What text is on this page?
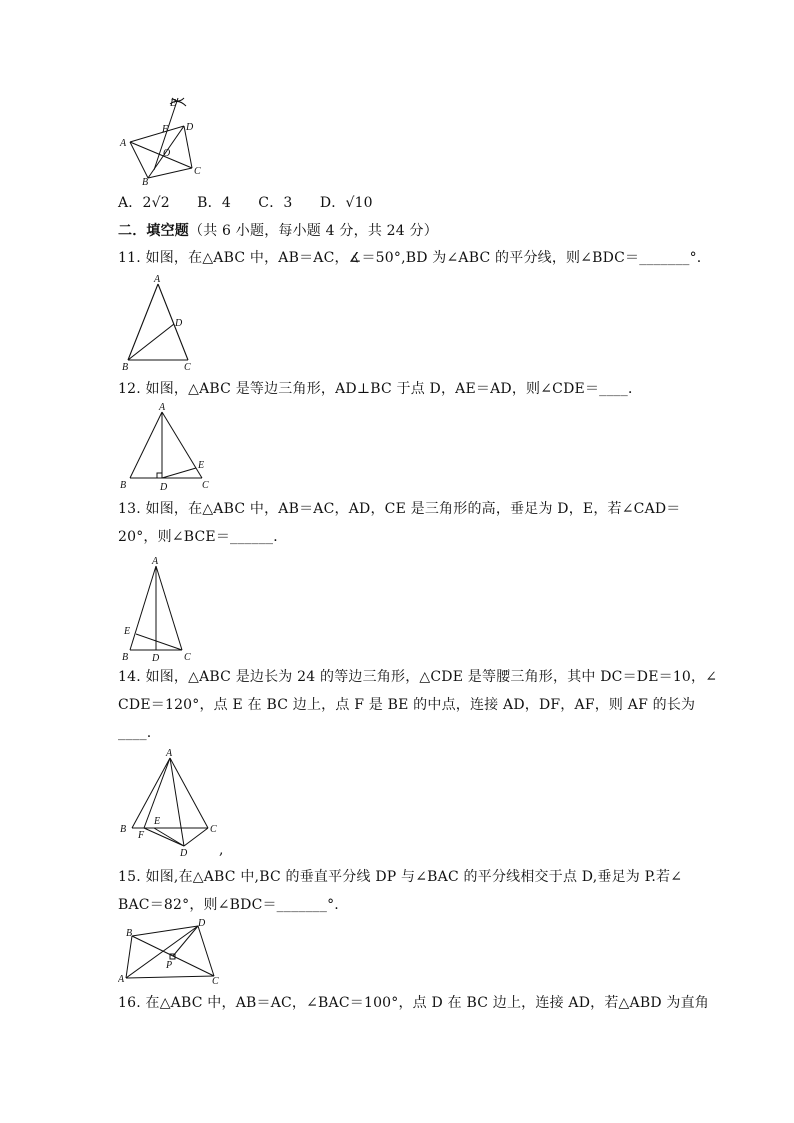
E
F D
A
O
C
B
A．2√2 B．4 C．3 D．√10
二．填空题（共 6 小题，每小题 4 分，共 24 分）
11. 如图，在△ABC 中，AB＝AC，∡＝50°,BD 为∠ABC 的平分线，则∠BDC＝_______°.
A
D
B	C
12. 如图，△ABC 是等边三角形，AD⊥BC 于点 D，AE＝AD，则∠CDE＝____．
A
E
B	D	C
13. 如图，在△ABC 中，AB＝AC，AD，CE 是三角形的高，垂足为 D，E，若∠CAD＝
20°，则∠BCE＝______．
A
E
B D C
14. 如图，△ABC 是边长为 24 的等边三角形，△CDE 是等腰三角形，其中 DC＝DE＝10，∠
CDE＝120°，点 E 在 BC 边上，点 F 是 BE 的中点，连接 AD，DF，AF，则 AF 的长为
____.
A
E
B
F
C
D ,
15. 如图,在△ABC 中,BC 的垂直平分线 DP 与∠BAC 的平分线相交于点 D,垂足为 P.若∠
BAC＝82°，则∠BDC＝_______°.
B
D
P
A	C
16. 在△ABC 中，AB＝AC，∠BAC＝100°，点 D 在 BC 边上，连接 AD，若△ABD 为直角
